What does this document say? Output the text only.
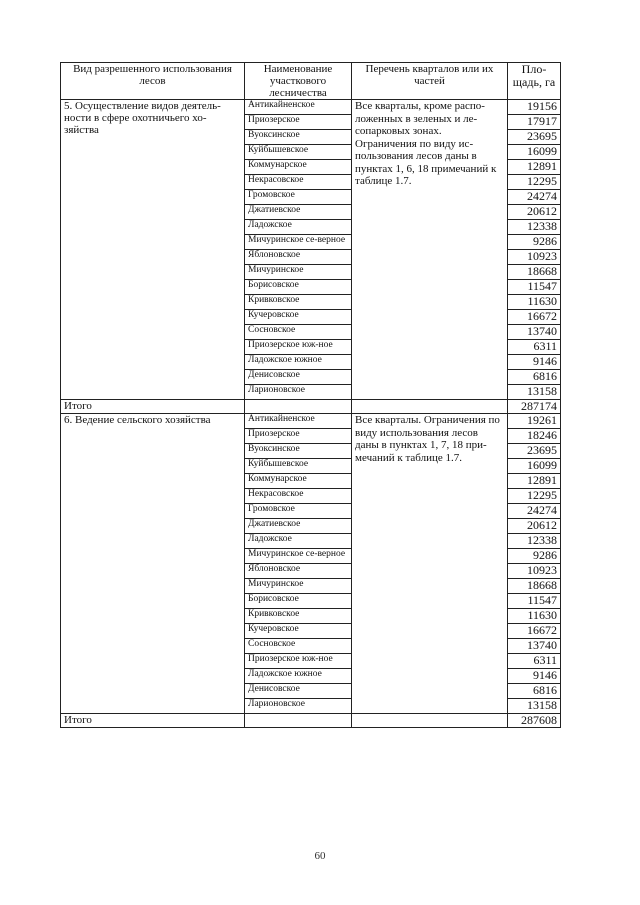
Вид разрешенного использования лесов	Наименование участкового лесничества	Перечень кварталов или их частей	Пло-щадь, га
5. Осуществление видов деятель-ности в сфере охотничьего хо-зяйства	Антикайненское	Все кварталы, кроме распо-ложенных в зеленых и ле-сопарковых зонах. Ограничения по виду ис-пользования лесов даны в пунктах 1, 6, 18 примечаний к таблице 1.7.	19156
	Приозерское		17917
	Вуоксинское		23695
	Куйбышевское		16099
	Коммунарское		12891
	Некрасовское		12295
	Громовское		24274
	Джатиевское		20612
	Ладожское		12338
	Мичуринское се-верное		9286
	Яблоновское		10923
	Мичуринское		18668
	Борисовское		11547
	Кривковское		11630
	Кучеровское		16672
	Сосновское		13740
	Приозерское юж-ное		6311
	Ладожское южное		9146
	Денисовское		6816
	Ларионовское		13158
Итого			287174
6. Ведение сельского хозяйства	Антикайненское	Все кварталы. Ограничения по виду использования лесов даны в пунктах 1, 7, 18 при-мечаний к таблице 1.7.	19261
	Приозерское		18246
	Вуоксинское		23695
	Куйбышевское		16099
	Коммунарское		12891
	Некрасовское		12295
	Громовское		24274
	Джатиевское		20612
	Ладожское		12338
	Мичуринское се-верное		9286
	Яблоновское		10923
	Мичуринское		18668
	Борисовское		11547
	Кривковское		11630
	Кучеровское		16672
	Сосновское		13740
	Приозерское юж-ное		6311
	Ладожское южное		9146
	Денисовское		6816
	Ларионовское		13158
Итого			287608
60
